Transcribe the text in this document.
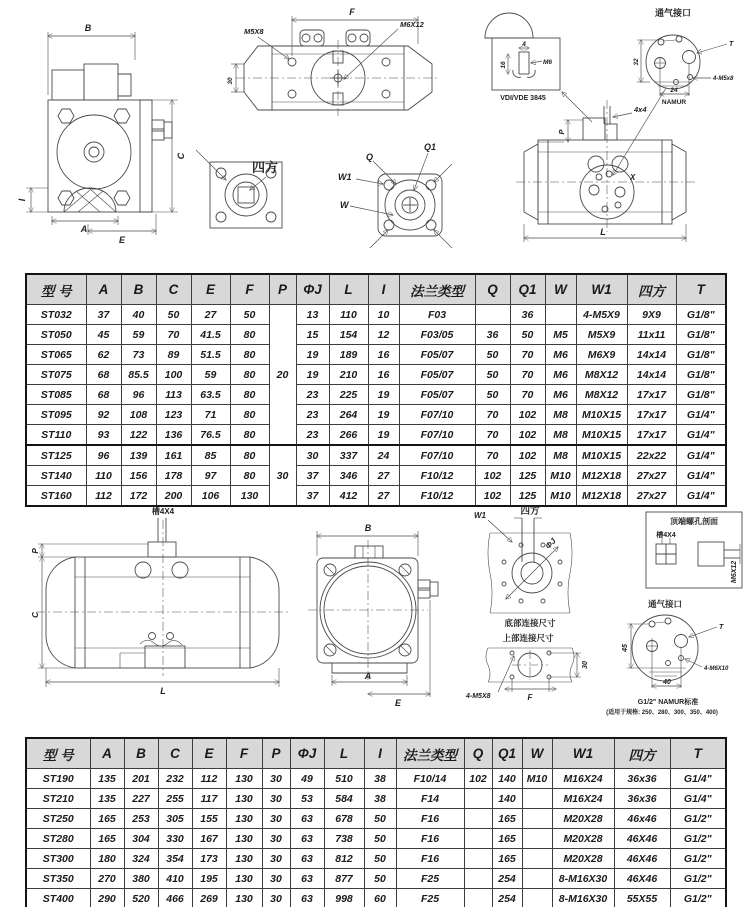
B
C
I
A
E
F
M6X12
M5X8
30
四方
Q
Q1
W1
W
4
M6
16
VDI/VDE 3845
通气接口
T
4-M5x8
32
24
NAMUR
4x4
P
X
L
型 号	A	B	C	E	F	P	ΦJ	L	I	法兰类型	Q	Q1	W	W1	四方	T
ST032	37	40	50	27	50	20	13	110	10	F03		36		4-M5X9	9X9	G1/8"
ST050	45	59	70	41.5	80		15	154	12	F03/05	36	50	M5	M5X9	11x11	G1/8"
ST065	62	73	89	51.5	80		19	189	16	F05/07	50	70	M6	M6X9	14x14	G1/8"
ST075	68	85.5	100	59	80		19	210	16	F05/07	50	70	M6	M8X12	14x14	G1/8"
ST085	68	96	113	63.5	80		23	225	19	F05/07	50	70	M6	M8X12	17x17	G1/8"
ST095	92	108	123	71	80		23	264	19	F07/10	70	102	M8	M10X15	17x17	G1/4"
ST110	93	122	136	76.5	80		23	266	19	F07/10	70	102	M8	M10X15	17x17	G1/4"
ST125	96	139	161	85	80	30	30	337	24	F07/10	70	102	M8	M10X15	22x22	G1/4"
ST140	110	156	178	97	80		37	346	27	F10/12	102	125	M10	M12X18	27x27	G1/4"
ST160	112	172	200	106	130		37	412	27	F10/12	102	125	M10	M12X18	27x27	G1/4"
槽4X4
P
C
L
B
A
E
四方
ΦJ
W1
底部连接尺寸
上部连接尺寸
30
F
4-M5X8
顶端螺孔剖面
槽4X4
M6X12
通气接口
T
4-M6X10
45
40
G1/2" NAMUR标准
(适用于规格: 250、280、300、350、400)
型 号	A	B	C	E	F	P	ΦJ	L	I	法兰类型	Q	Q1	W	W1	四方	T
ST190	135	201	232	112	130	30	49	510	38	F10/14	102	140	M10	M16X24	36x36	G1/4"
ST210	135	227	255	117	130	30	53	584	38	F14		140		M16X24	36x36	G1/4"
ST250	165	253	305	155	130	30	63	678	50	F16		165		M20X28	46x46	G1/2"
ST280	165	304	330	167	130	30	63	738	50	F16		165		M20X28	46X46	G1/2"
ST300	180	324	354	173	130	30	63	812	50	F16		165		M20X28	46X46	G1/2"
ST350	270	380	410	195	130	30	63	877	50	F25		254		8-M16X30	46X46	G1/2"
ST400	290	520	466	269	130	30	63	998	60	F25		254		8-M16X30	55X55	G1/2"
